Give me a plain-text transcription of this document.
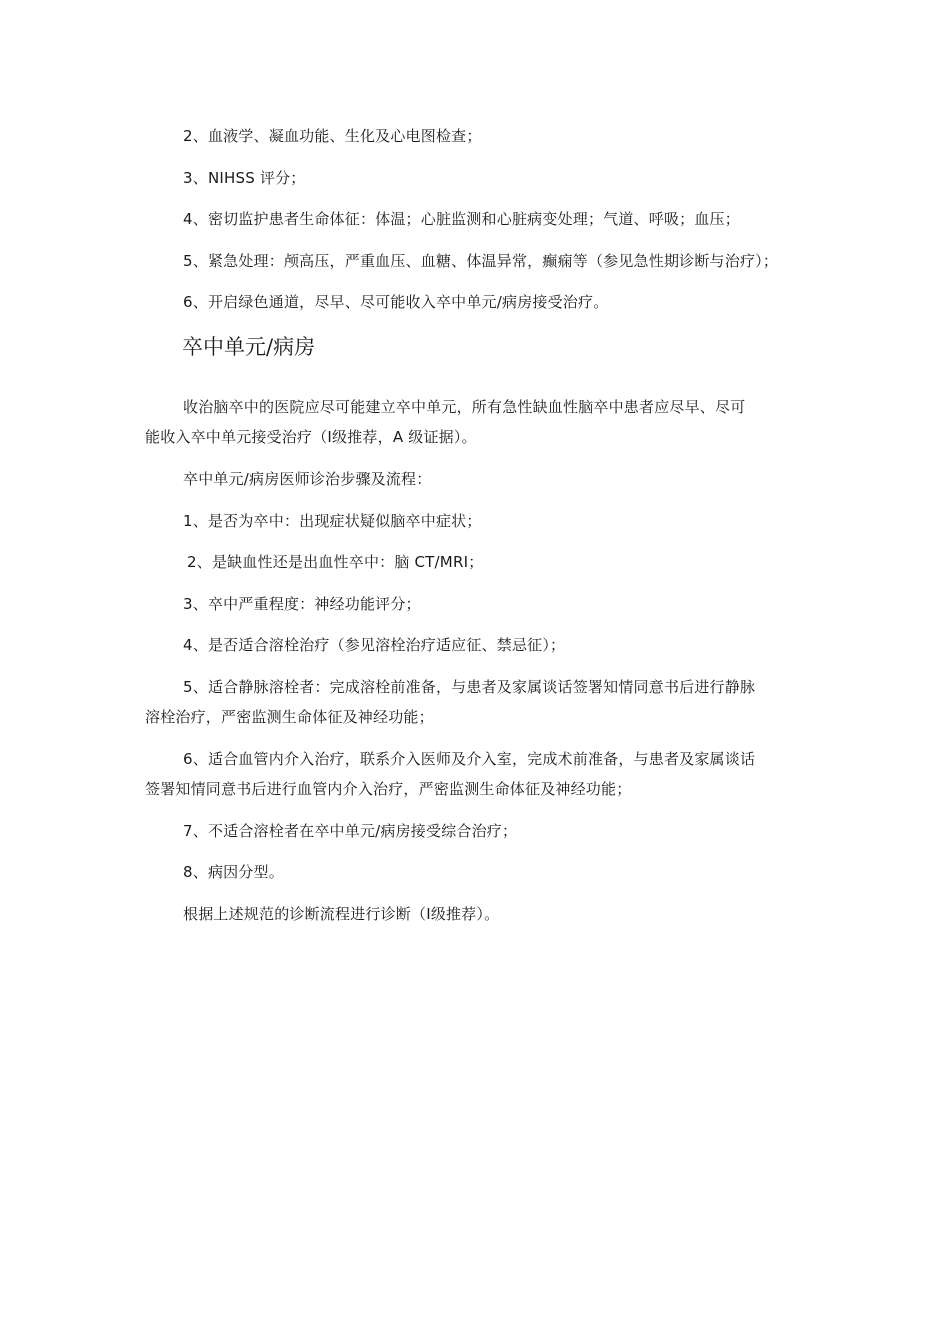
2、血液学、凝血功能、生化及心电图检查；
3、NIHSS 评分；
4、密切监护患者生命体征：体温；心脏监测和心脏病变处理；气道、呼吸；血压；
5、紧急处理：颅高压，严重血压、血糖、体温异常，癫痫等（参见急性期诊断与治疗）；
6、开启绿色通道，尽早、尽可能收入卒中单元/病房接受治疗。
卒中单元/病房
收治脑卒中的医院应尽可能建立卒中单元，所有急性缺血性脑卒中患者应尽早、尽可
能收入卒中单元接受治疗（Ⅰ级推荐，A 级证据）。
卒中单元/病房医师诊治步骤及流程：
1、是否为卒中：出现症状疑似脑卒中症状；
2、是缺血性还是出血性卒中：脑 CT/MRI；
3、卒中严重程度：神经功能评分；
4、是否适合溶栓治疗（参见溶栓治疗适应征、禁忌征）；
5、适合静脉溶栓者：完成溶栓前准备，与患者及家属谈话签署知情同意书后进行静脉
溶栓治疗，严密监测生命体征及神经功能；
6、适合血管内介入治疗，联系介入医师及介入室，完成术前准备，与患者及家属谈话
签署知情同意书后进行血管内介入治疗，严密监测生命体征及神经功能；
7、不适合溶栓者在卒中单元/病房接受综合治疗；
8、病因分型。
根据上述规范的诊断流程进行诊断（Ⅰ级推荐）。
